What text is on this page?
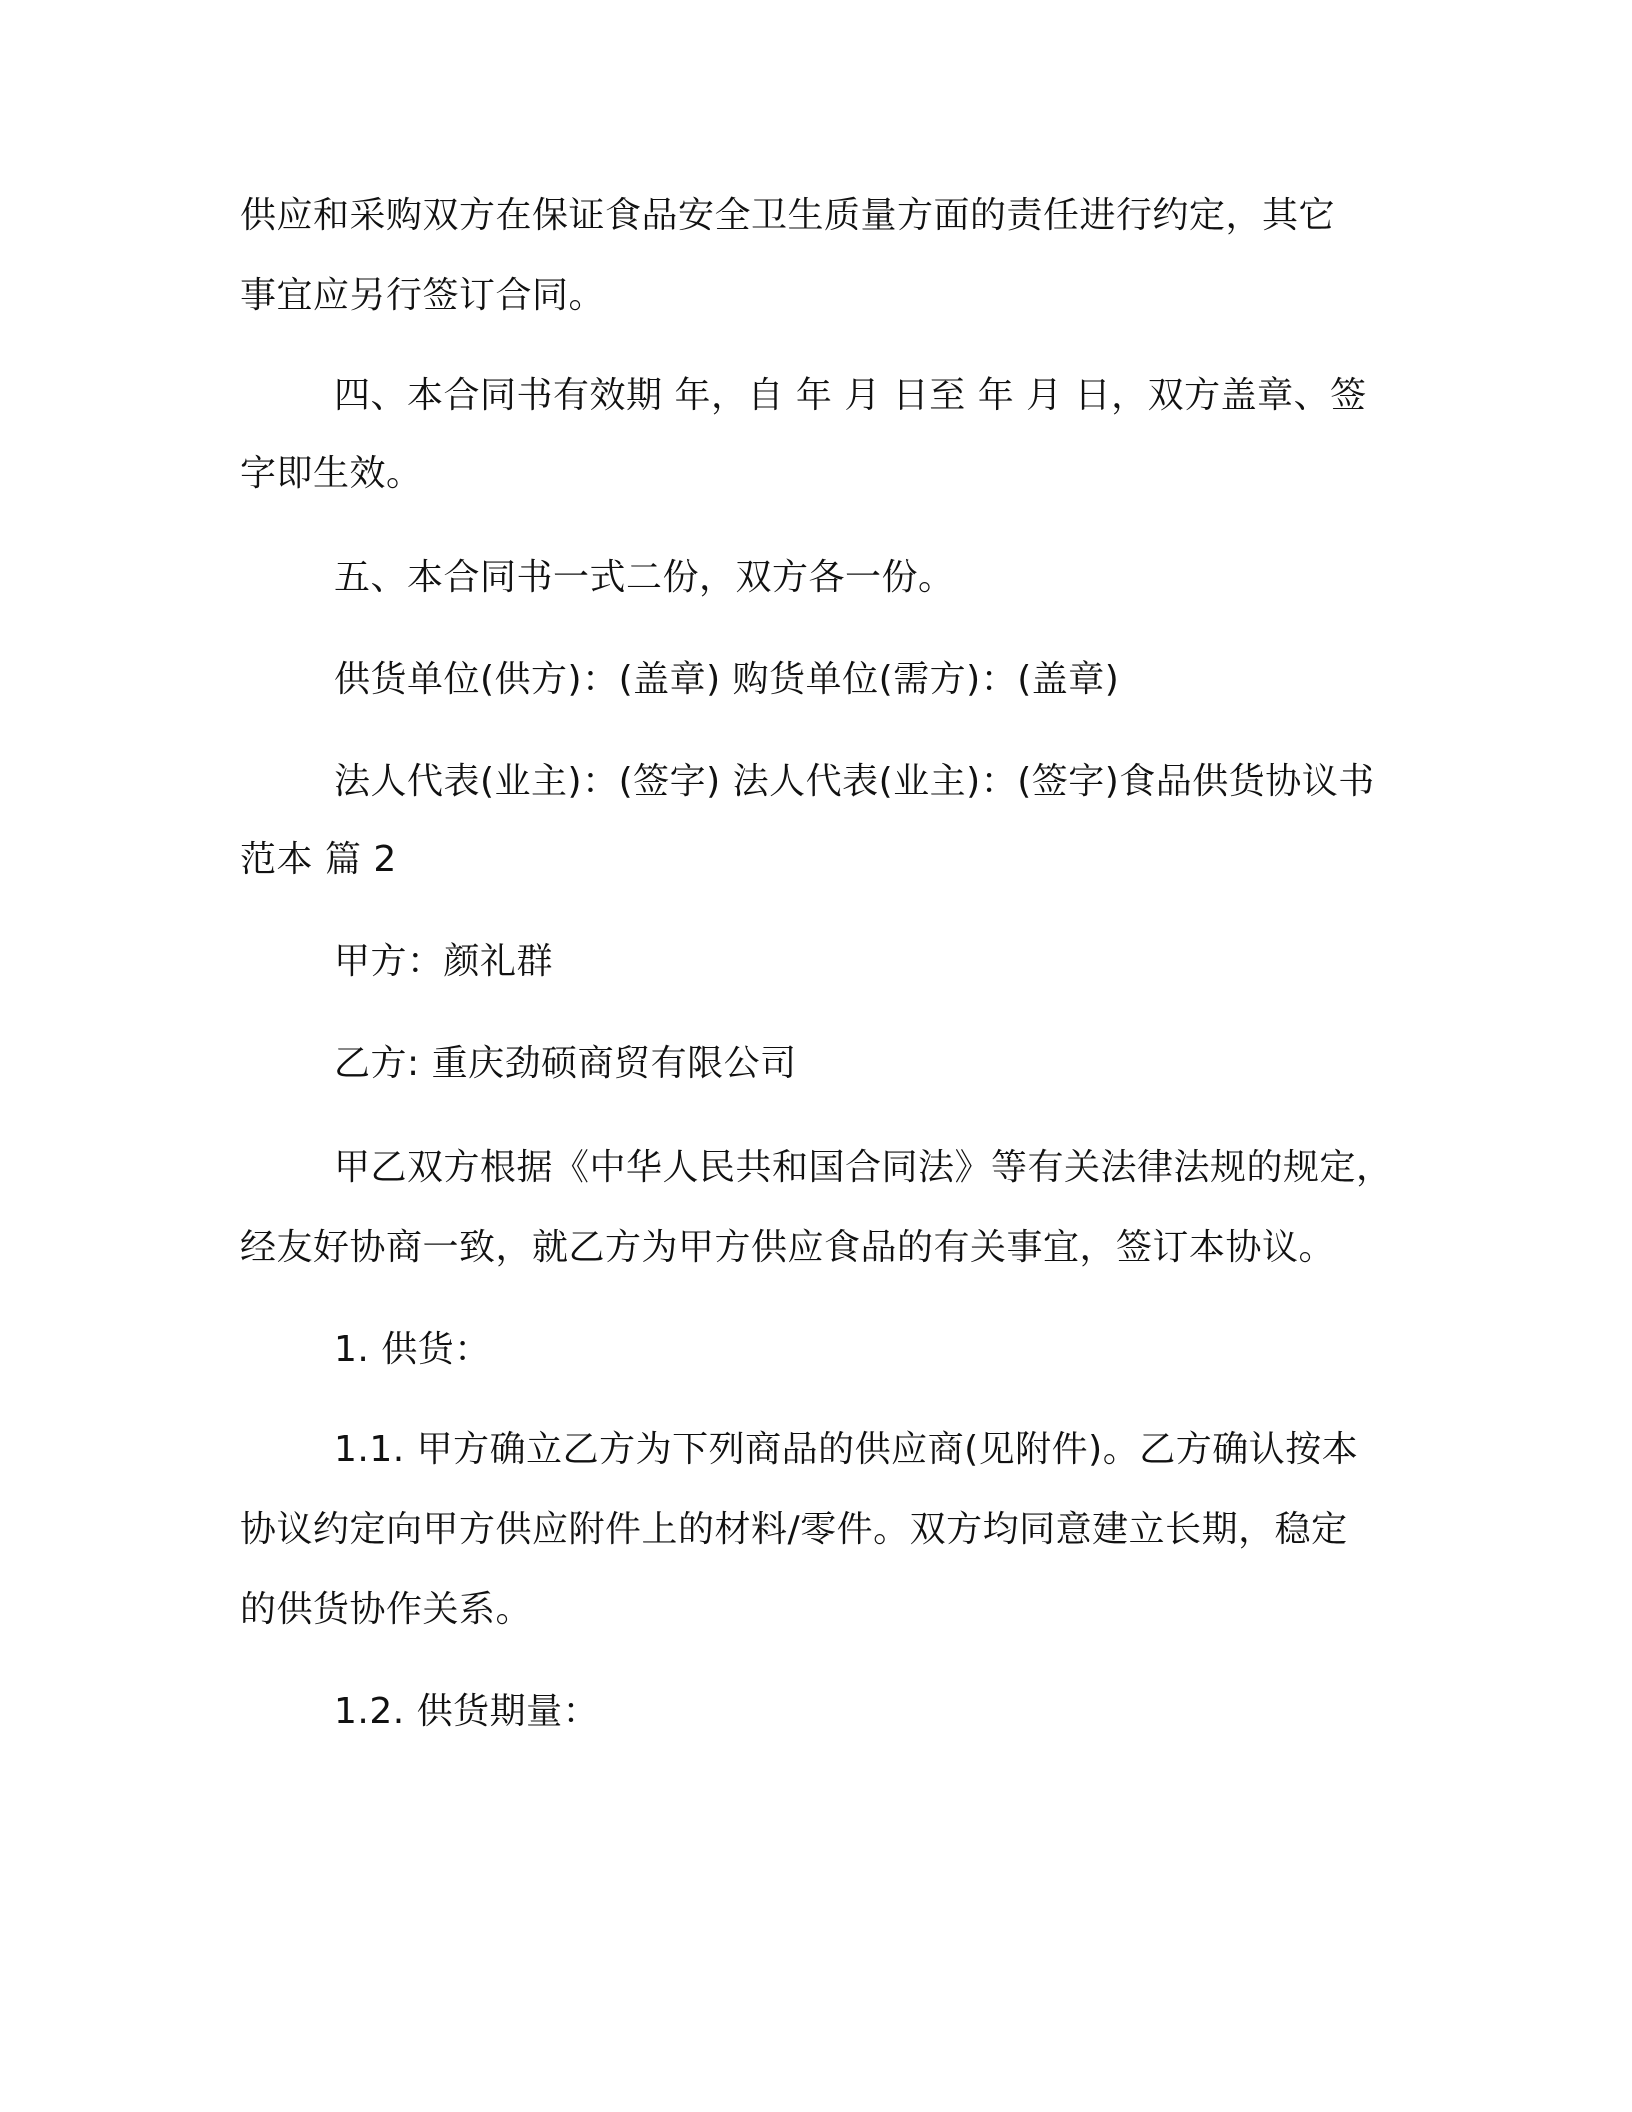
供应和采购双方在保证食品安全卫生质量方面的责任进行约定，其它
事宜应另行签订合同。
四、本合同书有效期 年，自 年 月 日至 年 月 日，双方盖章、签
字即生效。
五、本合同书一式二份，双方各一份。
供货单位(供方)：(盖章) 购货单位(需方)：(盖章)
法人代表(业主)：(签字) 法人代表(业主)：(签字)食品供货协议书
范本 篇 2
甲方：颜礼群
乙方: 重庆劲硕商贸有限公司
甲乙双方根据《中华人民共和国合同法》等有关法律法规的规定，
经友好协商一致，就乙方为甲方供应食品的有关事宜，签订本协议。
1. 供货：
1.1. 甲方确立乙方为下列商品的供应商(见附件)。乙方确认按本
协议约定向甲方供应附件上的材料/零件。双方均同意建立长期，稳定
的供货协作关系。
1.2. 供货期量：
